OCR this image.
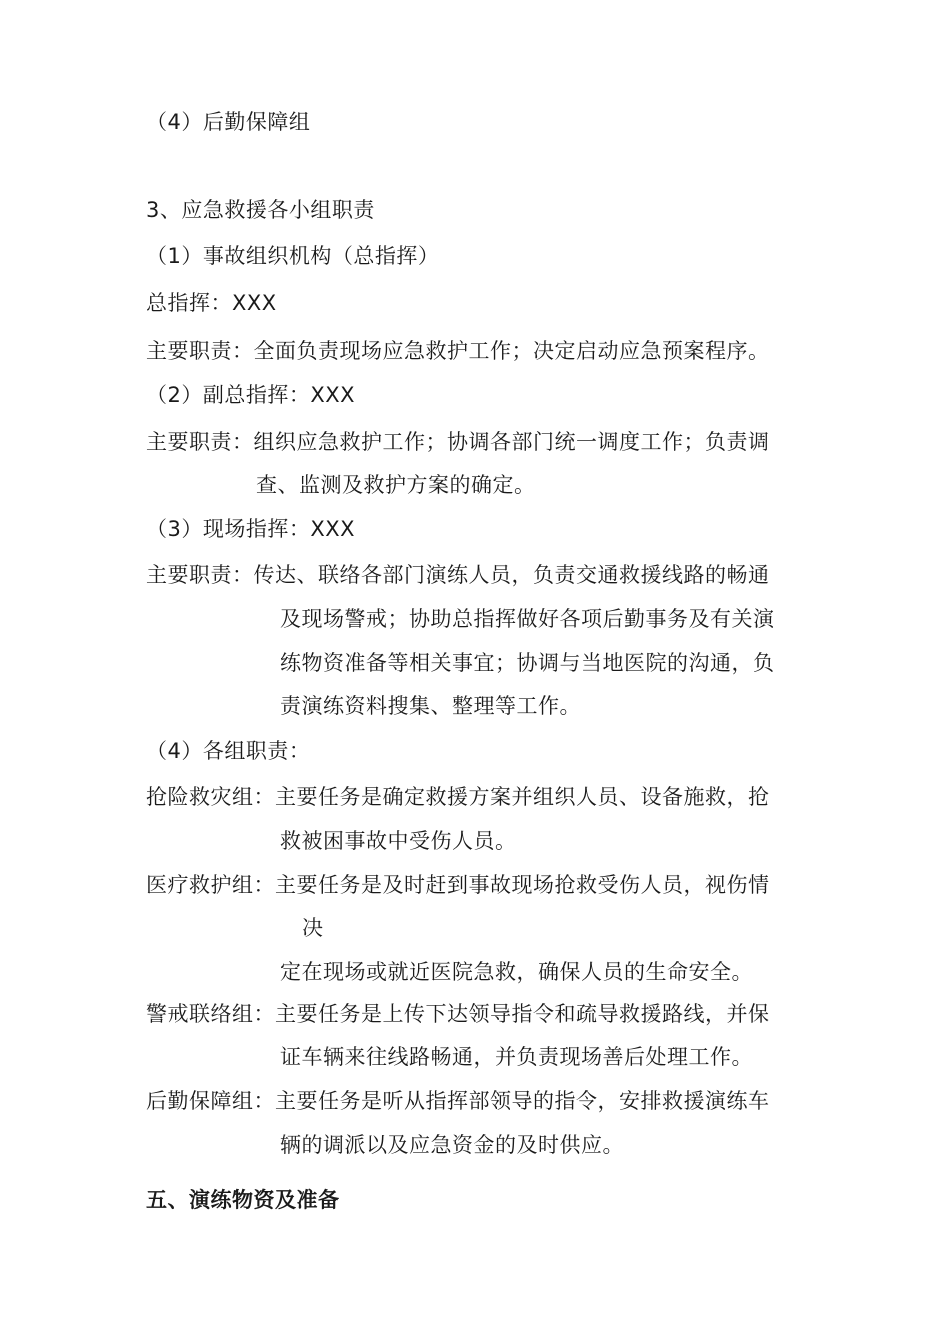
（4）后勤保障组
3、应急救援各小组职责
（1）事故组织机构（总指挥）
总指挥：XXX
主要职责：全面负责现场应急救护工作；决定启动应急预案程序。
（2）副总指挥：XXX
主要职责：组织应急救护工作；协调各部门统一调度工作；负责调
查、监测及救护方案的确定。
（3）现场指挥：XXX
主要职责：传达、联络各部门演练人员，负责交通救援线路的畅通
及现场警戒；协助总指挥做好各项后勤事务及有关演
练物资准备等相关事宜；协调与当地医院的沟通，负
责演练资料搜集、整理等工作。
（4）各组职责：
抢险救灾组：主要任务是确定救援方案并组织人员、设备施救，抢
救被困事故中受伤人员。
医疗救护组：主要任务是及时赶到事故现场抢救受伤人员，视伤情
决
定在现场或就近医院急救，确保人员的生命安全。
警戒联络组：主要任务是上传下达领导指令和疏导救援路线，并保
证车辆来往线路畅通，并负责现场善后处理工作。
后勤保障组：主要任务是听从指挥部领导的指令，安排救援演练车
辆的调派以及应急资金的及时供应。
五、演练物资及准备
